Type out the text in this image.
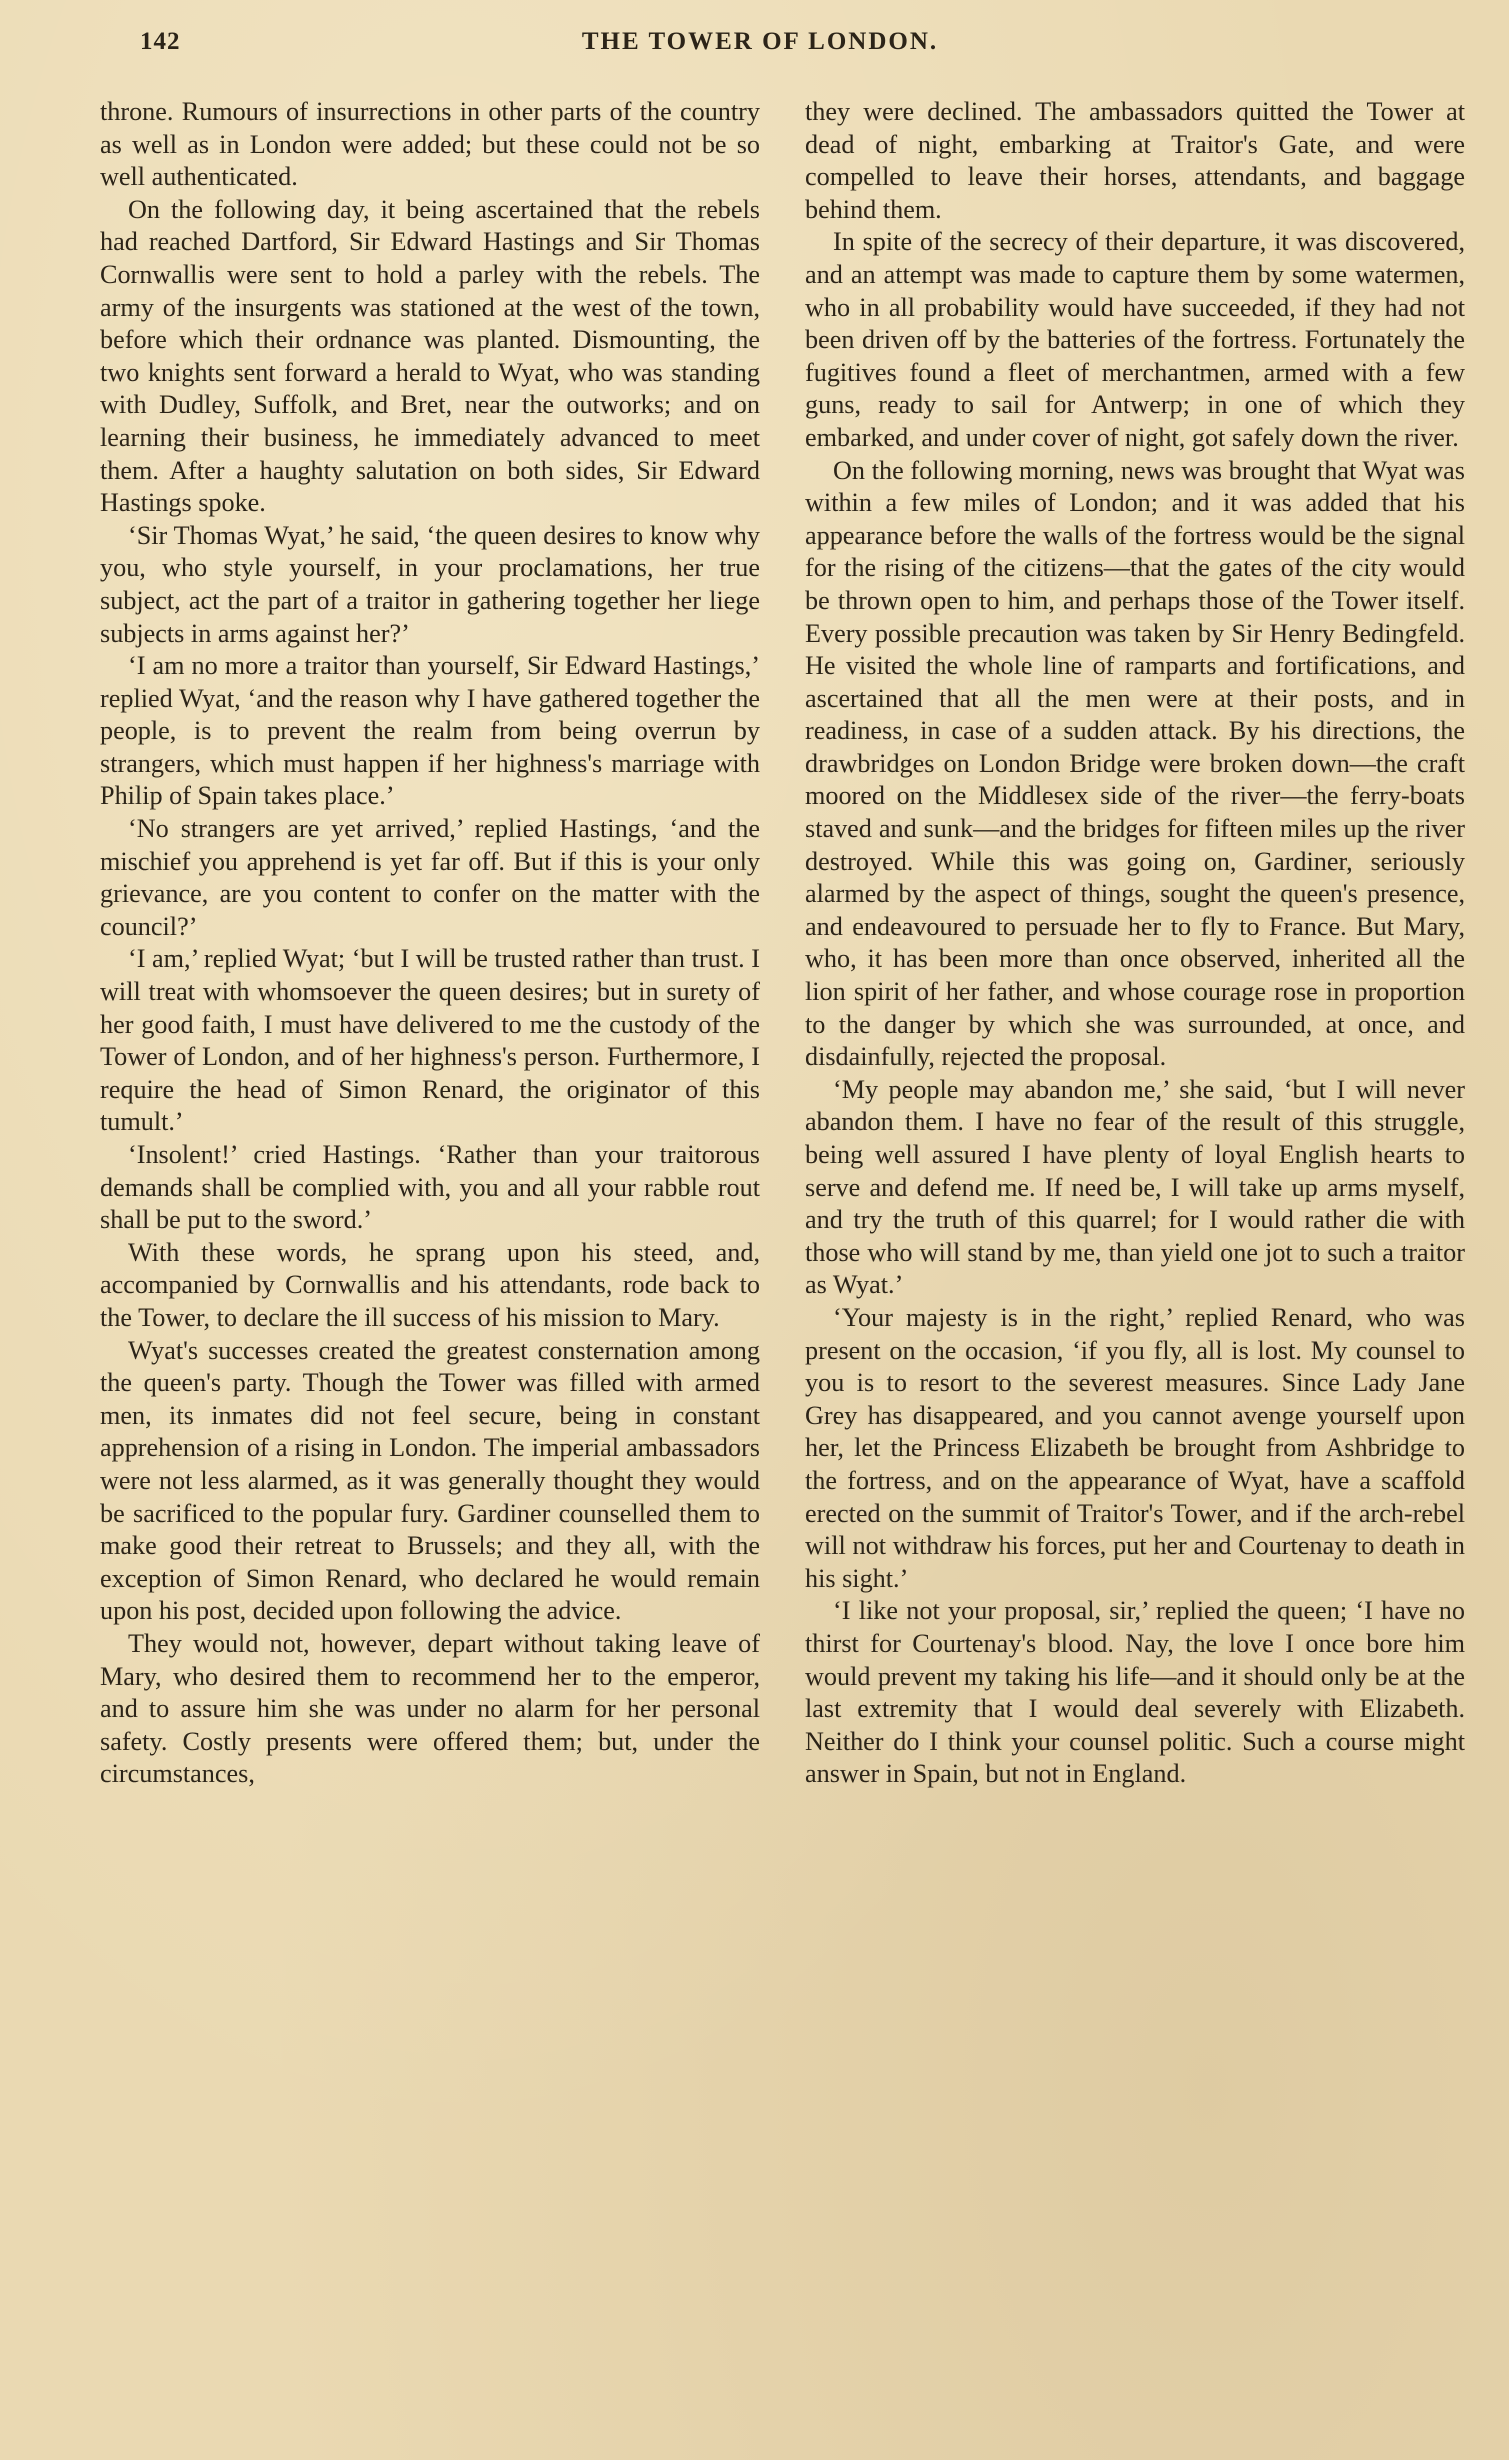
142	THE TOWER OF LONDON.

throne. Rumours of insurrections in other parts of the country as well as in London were added; but these could not be so well authenticated.

On the following day, it being ascertained that the rebels had reached Dartford, Sir Edward Hastings and Sir Thomas Cornwallis were sent to hold a parley with the rebels. The army of the insurgents was stationed at the west of the town, before which their ordnance was planted. Dismounting, the two knights sent forward a herald to Wyat, who was standing with Dudley, Suffolk, and Bret, near the outworks; and on learning their business, he immediately advanced to meet them. After a haughty salutation on both sides, Sir Edward Hastings spoke.

‘Sir Thomas Wyat,’ he said, ‘the queen desires to know why you, who style yourself, in your proclamations, her true subject, act the part of a traitor in gathering together her liege subjects in arms against her?’

‘I am no more a traitor than yourself, Sir Edward Hastings,’ replied Wyat, ‘and the reason why I have gathered together the people, is to prevent the realm from being overrun by strangers, which must happen if her highness's marriage with Philip of Spain takes place.’

‘No strangers are yet arrived,’ replied Hastings, ‘and the mischief you apprehend is yet far off. But if this is your only grievance, are you content to confer on the matter with the council?’

‘I am,’ replied Wyat; ‘but I will be trusted rather than trust. I will treat with whomsoever the queen desires; but in surety of her good faith, I must have delivered to me the custody of the Tower of London, and of her highness's person. Furthermore, I require the head of Simon Renard, the originator of this tumult.’

‘Insolent!’ cried Hastings. ‘Rather than your traitorous demands shall be complied with, you and all your rabble rout shall be put to the sword.’

With these words, he sprang upon his steed, and, accompanied by Cornwallis and his attendants, rode back to the Tower, to declare the ill success of his mission to Mary.

Wyat's successes created the greatest consternation among the queen's party. Though the Tower was filled with armed men, its inmates did not feel secure, being in constant apprehension of a rising in London. The imperial ambassadors were not less alarmed, as it was generally thought they would be sacrificed to the popular fury. Gardiner counselled them to make good their retreat to Brussels; and they all, with the exception of Simon Renard, who declared he would remain upon his post, decided upon following the advice.

They would not, however, depart without taking leave of Mary, who desired them to recommend her to the emperor, and to assure him she was under no alarm for her personal safety. Costly presents were offered them; but, under the circumstances,

they were declined. The ambassadors quitted the Tower at dead of night, embarking at Traitor's Gate, and were compelled to leave their horses, attendants, and baggage behind them.

In spite of the secrecy of their departure, it was discovered, and an attempt was made to capture them by some watermen, who in all probability would have succeeded, if they had not been driven off by the batteries of the fortress. Fortunately the fugitives found a fleet of merchantmen, armed with a few guns, ready to sail for Antwerp; in one of which they embarked, and under cover of night, got safely down the river.

On the following morning, news was brought that Wyat was within a few miles of London; and it was added that his appearance before the walls of the fortress would be the signal for the rising of the citizens—that the gates of the city would be thrown open to him, and perhaps those of the Tower itself. Every possible precaution was taken by Sir Henry Bedingfeld. He visited the whole line of ramparts and fortifications, and ascertained that all the men were at their posts, and in readiness, in case of a sudden attack. By his directions, the drawbridges on London Bridge were broken down—the craft moored on the Middlesex side of the river—the ferry-boats staved and sunk—and the bridges for fifteen miles up the river destroyed. While this was going on, Gardiner, seriously alarmed by the aspect of things, sought the queen's presence, and endeavoured to persuade her to fly to France. But Mary, who, it has been more than once observed, inherited all the lion spirit of her father, and whose courage rose in proportion to the danger by which she was surrounded, at once, and disdainfully, rejected the proposal.

‘My people may abandon me,’ she said, ‘but I will never abandon them. I have no fear of the result of this struggle, being well assured I have plenty of loyal English hearts to serve and defend me. If need be, I will take up arms myself, and try the truth of this quarrel; for I would rather die with those who will stand by me, than yield one jot to such a traitor as Wyat.’

‘Your majesty is in the right,’ replied Renard, who was present on the occasion, ‘if you fly, all is lost. My counsel to you is to resort to the severest measures. Since Lady Jane Grey has disappeared, and you cannot avenge yourself upon her, let the Princess Elizabeth be brought from Ashbridge to the fortress, and on the appearance of Wyat, have a scaffold erected on the summit of Traitor's Tower, and if the arch-rebel will not withdraw his forces, put her and Courtenay to death in his sight.’

‘I like not your proposal, sir,’ replied the queen; ‘I have no thirst for Courtenay's blood. Nay, the love I once bore him would prevent my taking his life—and it should only be at the last extremity that I would deal severely with Elizabeth. Neither do I think your counsel politic. Such a course might answer in Spain, but not in England.
